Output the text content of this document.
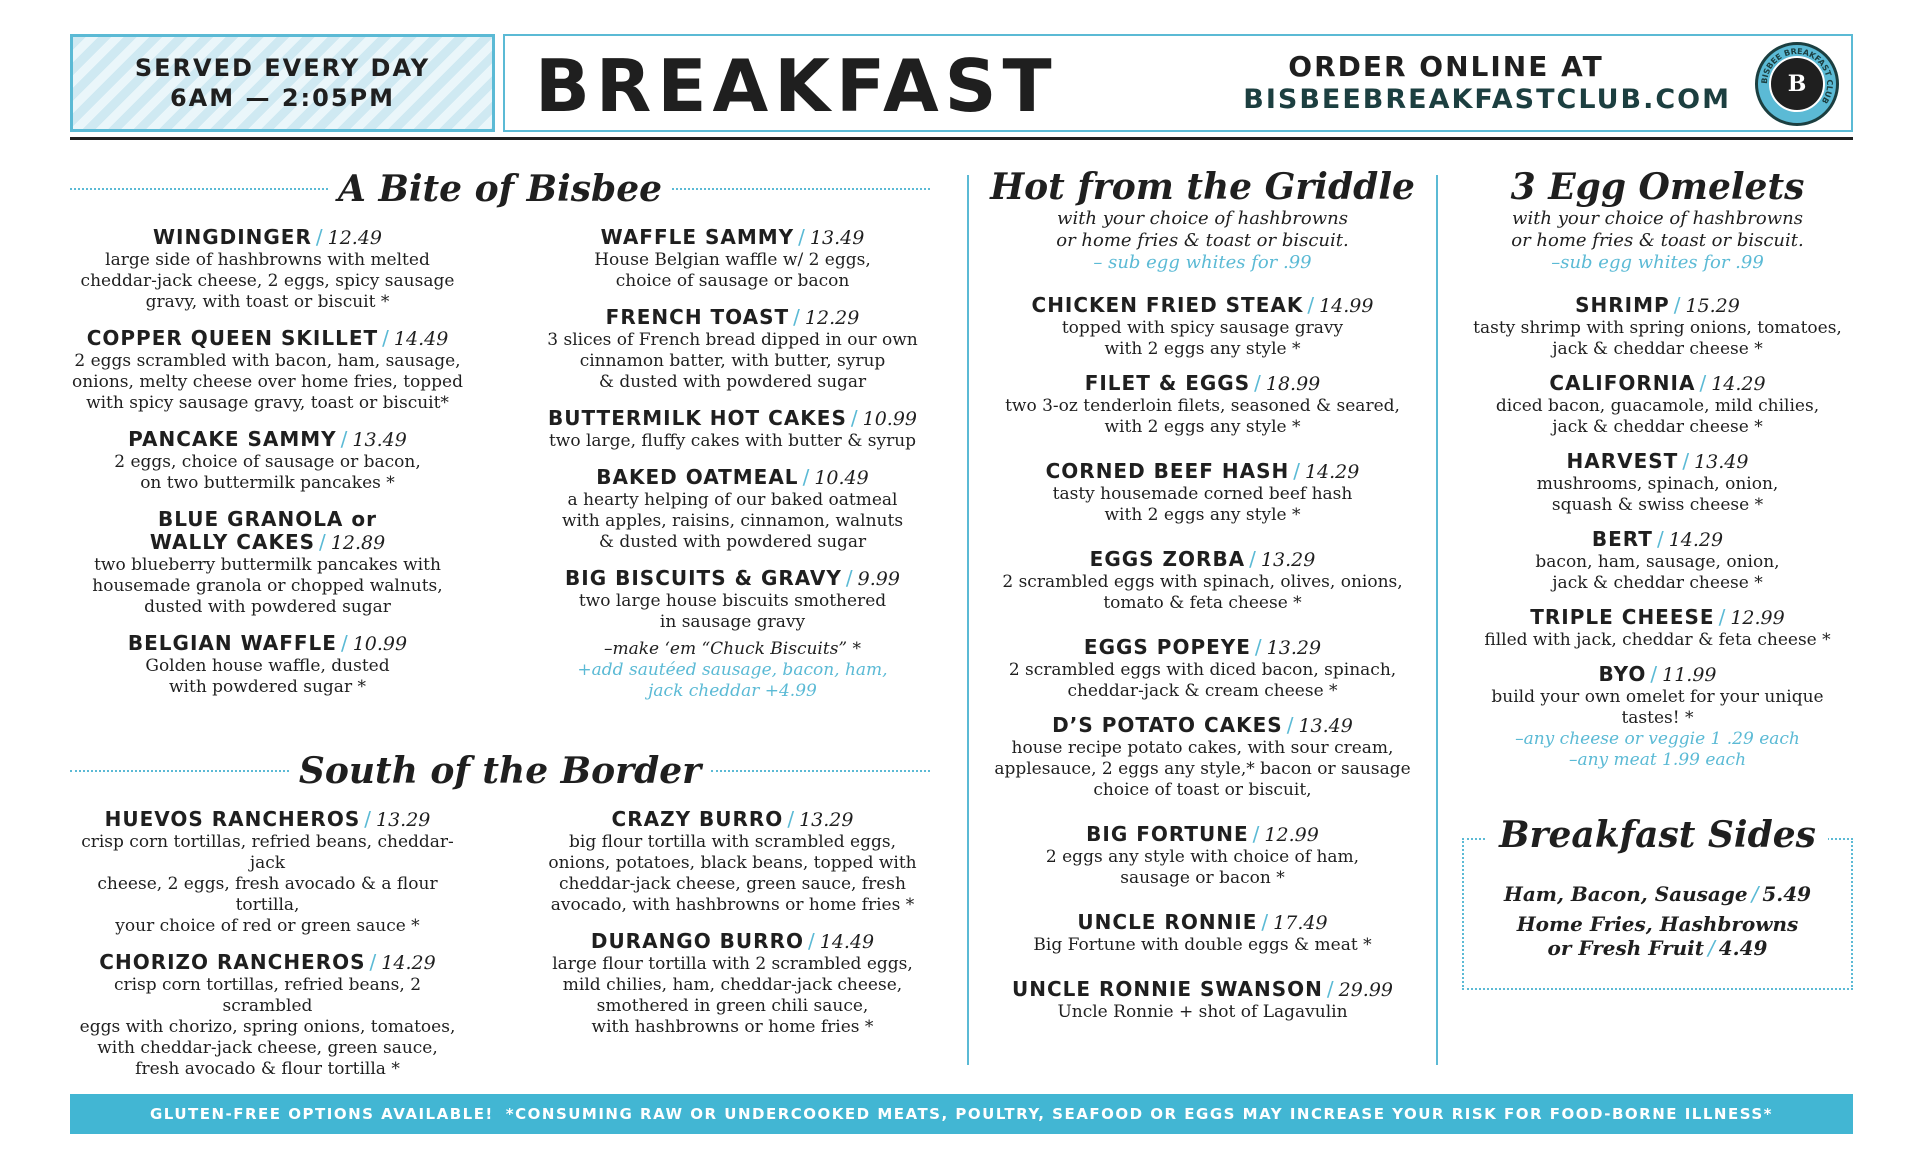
SERVED EVERY DAY
6AM — 2:05PM BREAKFAST	ORDER ONLINE AT
BISBEEBREAKFASTCLUB.COM
BISBEE BREAKFAST CLUB
B
A Bite of Bisbee
WINGDINGER / 12.49
large side of hashbrowns with melted
cheddar-jack cheese, 2 eggs, spicy sausage
gravy, with toast or biscuit *
COPPER QUEEN SKILLET / 14.49
2 eggs scrambled with bacon, ham, sausage,
onions, melty cheese over home fries, topped
with spicy sausage gravy, toast or biscuit*
PANCAKE SAMMY / 13.49
2 eggs, choice of sausage or bacon,
on two buttermilk pancakes *
BLUE GRANOLA or
WALLY CAKES / 12.89
two blueberry buttermilk pancakes with
housemade granola or chopped walnuts,
dusted with powdered sugar
BELGIAN WAFFLE / 10.99
Golden house waffle, dusted
with powdered sugar *
WAFFLE SAMMY / 13.49
House Belgian waffle w/ 2 eggs,
choice of sausage or bacon
FRENCH TOAST / 12.29
3 slices of French bread dipped in our own
cinnamon batter, with butter, syrup
& dusted with powdered sugar
BUTTERMILK HOT CAKES / 10.99
two large, fluffy cakes with butter & syrup
BAKED OATMEAL / 10.49
a hearty helping of our baked oatmeal
with apples, raisins, cinnamon, walnuts
& dusted with powdered sugar
BIG BISCUITS & GRAVY / 9.99
two large house biscuits smothered
in sausage gravy
–make ‘em “Chuck Biscuits” *
+add sautéed sausage, bacon, ham,
jack cheddar +4.99
South of the Border
HUEVOS RANCHEROS / 13.29
crisp corn tortillas, refried beans, cheddar-jack
cheese, 2 eggs, fresh avocado & a flour tortilla,
your choice of red or green sauce *
CHORIZO RANCHEROS / 14.29
crisp corn tortillas, refried beans, 2 scrambled
eggs with chorizo, spring onions, tomatoes,
with cheddar-jack cheese, green sauce,
fresh avocado & flour tortilla *
CRAZY BURRO / 13.29
big flour tortilla with scrambled eggs,
onions, potatoes, black beans, topped with
cheddar-jack cheese, green sauce, fresh
avocado, with hashbrowns or home fries *
DURANGO BURRO / 14.49
large flour tortilla with 2 scrambled eggs,
mild chilies, ham, cheddar-jack cheese,
smothered in green chili sauce,
with hashbrowns or home fries *
Hot from the Griddle
with your choice of hashbrowns
or home fries & toast or biscuit.
– sub egg whites for .99
CHICKEN FRIED STEAK / 14.99
topped with spicy sausage gravy
with 2 eggs any style *
FILET & EGGS / 18.99
two 3-oz tenderloin filets, seasoned & seared,
with 2 eggs any style *
CORNED BEEF HASH / 14.29
tasty housemade corned beef hash
with 2 eggs any style *
EGGS ZORBA / 13.29
2 scrambled eggs with spinach, olives, onions,
tomato & feta cheese *
EGGS POPEYE / 13.29
2 scrambled eggs with diced bacon, spinach,
cheddar-jack & cream cheese *
D’S POTATO CAKES / 13.49
house recipe potato cakes, with sour cream,
applesauce, 2 eggs any style,* bacon or sausage
choice of toast or biscuit,
BIG FORTUNE / 12.99
2 eggs any style with choice of ham,
sausage or bacon *
UNCLE RONNIE / 17.49
Big Fortune with double eggs & meat *
UNCLE RONNIE SWANSON / 29.99
Uncle Ronnie + shot of Lagavulin
3 Egg Omelets
with your choice of hashbrowns
or home fries & toast or biscuit.
–sub egg whites for .99
SHRIMP / 15.29
tasty shrimp with spring onions, tomatoes,
jack & cheddar cheese *
CALIFORNIA / 14.29
diced bacon, guacamole, mild chilies,
jack & cheddar cheese *
HARVEST / 13.49
mushrooms, spinach, onion,
squash & swiss cheese *
BERT / 14.29
bacon, ham, sausage, onion,
jack & cheddar cheese *
TRIPLE CHEESE / 12.99
filled with jack, cheddar & feta cheese *
BYO / 11.99
build your own omelet for your unique tastes! *
–any cheese or veggie 1 .29 each
–any meat 1.99 each
Breakfast Sides
Ham, Bacon, Sausage / 5.49
Home Fries, Hashbrowns
or Fresh Fruit / 4.49
GLUTEN-FREE OPTIONS AVAILABLE! *CONSUMING RAW OR UNDERCOOKED MEATS, POULTRY, SEAFOOD OR EGGS MAY INCREASE YOUR RISK FOR FOOD-BORNE ILLNESS*
